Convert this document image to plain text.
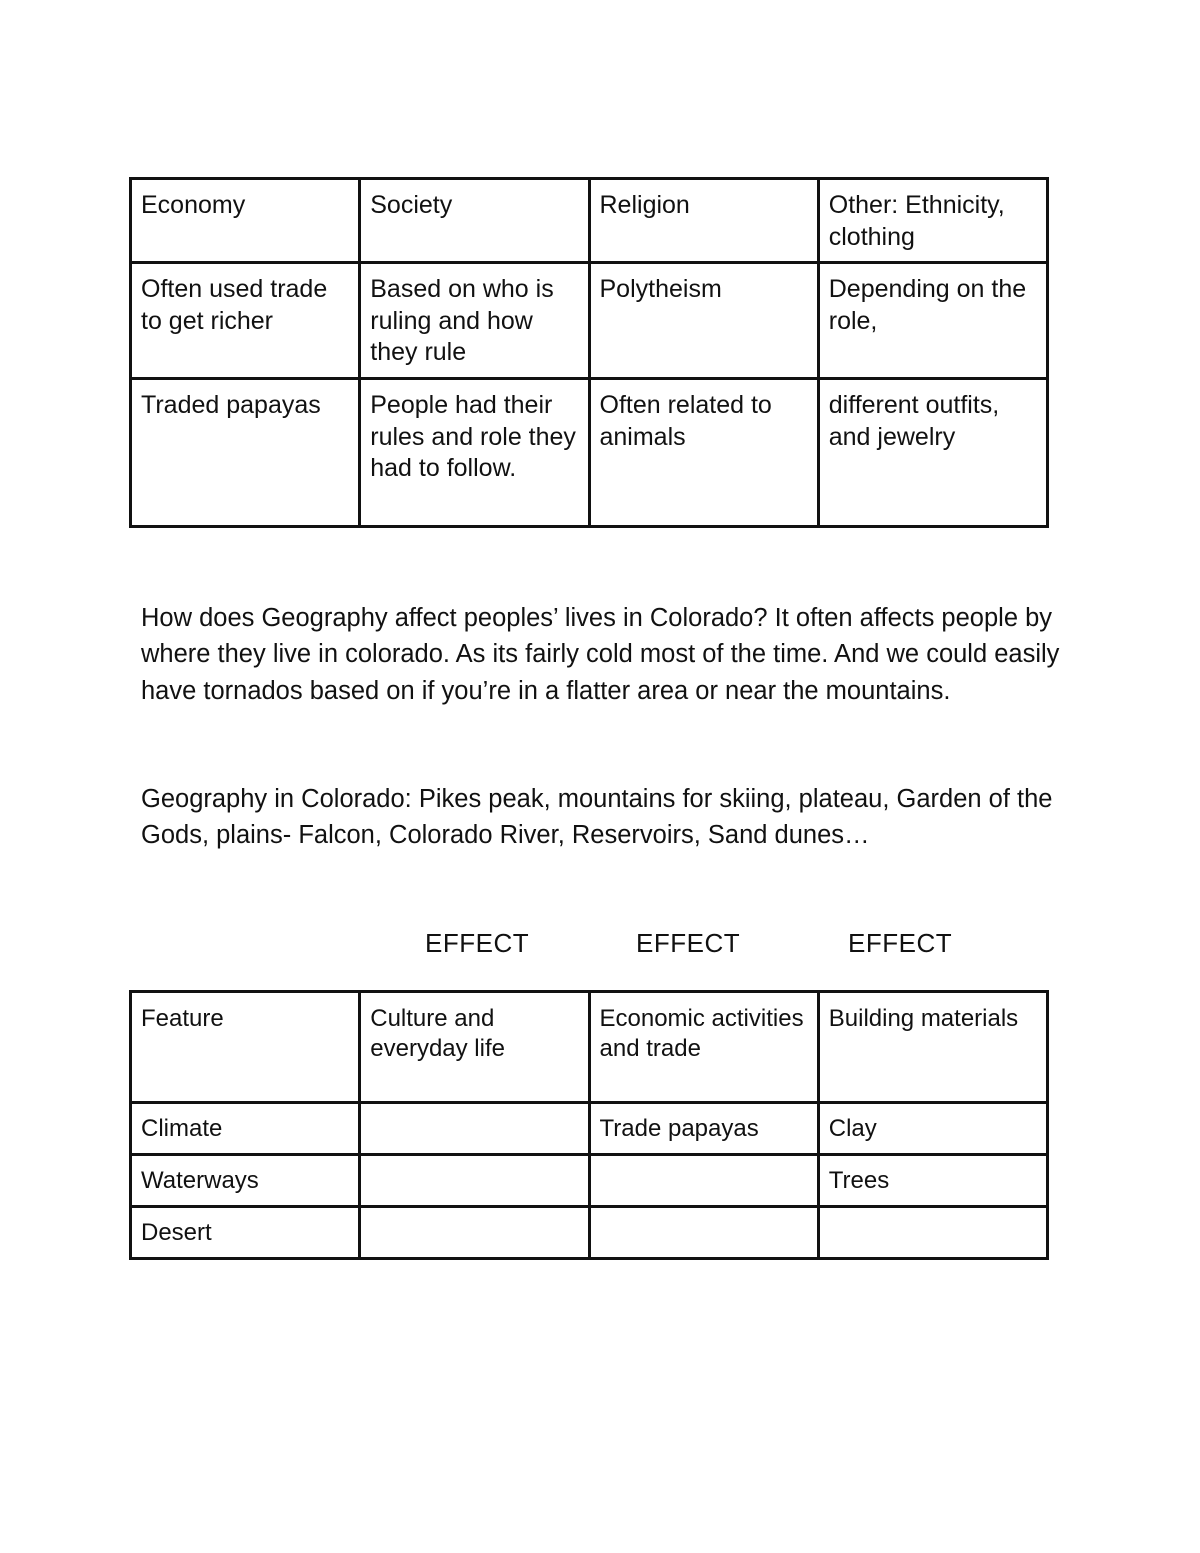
Economy	Society	Religion	Other: Ethnicity, clothing
Often used trade to get richer	Based on who is ruling and how they rule	Polytheism	Depending on the role,
Traded papayas	People had their rules and role they had to follow.	Often related to animals	different outfits, and jewelry

How does Geography affect peoples’ lives in Colorado? It often affects people by where they live in colorado. As its fairly cold most of the time. And we could easily have tornados based on if you’re in a flatter area or near the mountains.

Geography in Colorado: Pikes peak, mountains for skiing, plateau, Garden of the Gods, plains- Falcon, Colorado River, Reservoirs, Sand dunes…

EFFECT	EFFECT	EFFECT
Feature	Culture and everyday life	Economic activities and trade	Building materials
Climate		Trade papayas	Clay
Waterways			Trees
Desert			
